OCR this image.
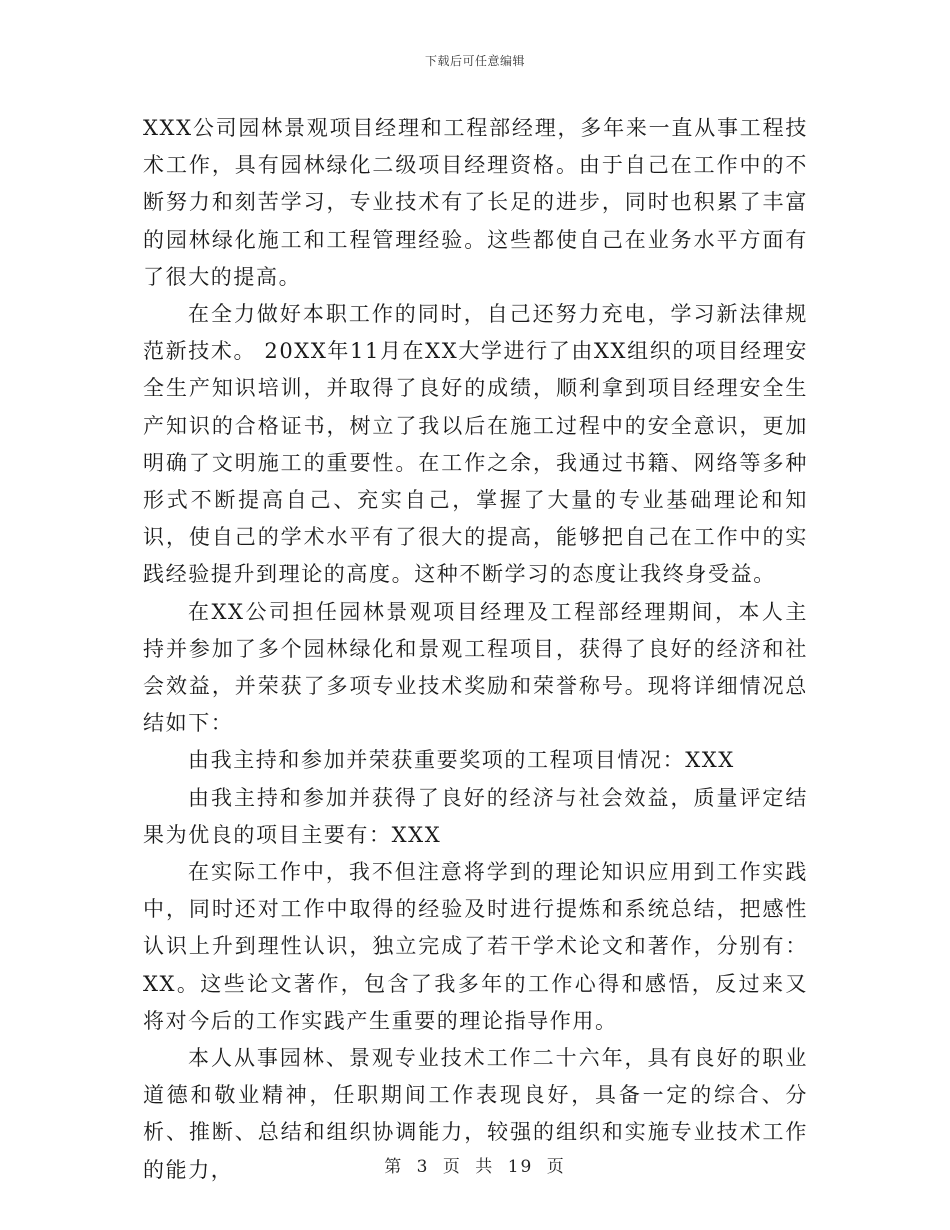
下载后可任意编辑

XXX公司园林景观项目经理和工程部经理，多年来一直从事工程技术工作，具有园林绿化二级项目经理资格。由于自己在工作中的不断努力和刻苦学习，专业技术有了长足的进步，同时也积累了丰富的园林绿化施工和工程管理经验。这些都使自己在业务水平方面有了很大的提高。

在全力做好本职工作的同时，自己还努力充电，学习新法律规范新技术。 20XX年11月在XX大学进行了由XX组织的项目经理安全生产知识培训，并取得了良好的成绩，顺利拿到项目经理安全生产知识的合格证书，树立了我以后在施工过程中的安全意识，更加明确了文明施工的重要性。在工作之余，我通过书籍、网络等多种形式不断提高自己、充实自己，掌握了大量的专业基础理论和知识，使自己的学术水平有了很大的提高，能够把自己在工作中的实践经验提升到理论的高度。这种不断学习的态度让我终身受益。

在XX公司担任园林景观项目经理及工程部经理期间，本人主持并参加了多个园林绿化和景观工程项目，获得了良好的经济和社会效益，并荣获了多项专业技术奖励和荣誉称号。现将详细情况总结如下：

由我主持和参加并荣获重要奖项的工程项目情况：XXX

由我主持和参加并获得了良好的经济与社会效益，质量评定结果为优良的项目主要有：XXX

在实际工作中，我不但注意将学到的理论知识应用到工作实践中，同时还对工作中取得的经验及时进行提炼和系统总结，把感性认识上升到理性认识，独立完成了若干学术论文和著作，分别有：XX。这些论文著作，包含了我多年的工作心得和感悟，反过来又将对今后的工作实践产生重要的理论指导作用。

本人从事园林、景观专业技术工作二十六年，具有良好的职业道德和敬业精神，任职期间工作表现良好，具备一定的综合、分析、推断、总结和组织协调能力，较强的组织和实施专业技术工作的能力，	第 3 页 共 19 页
